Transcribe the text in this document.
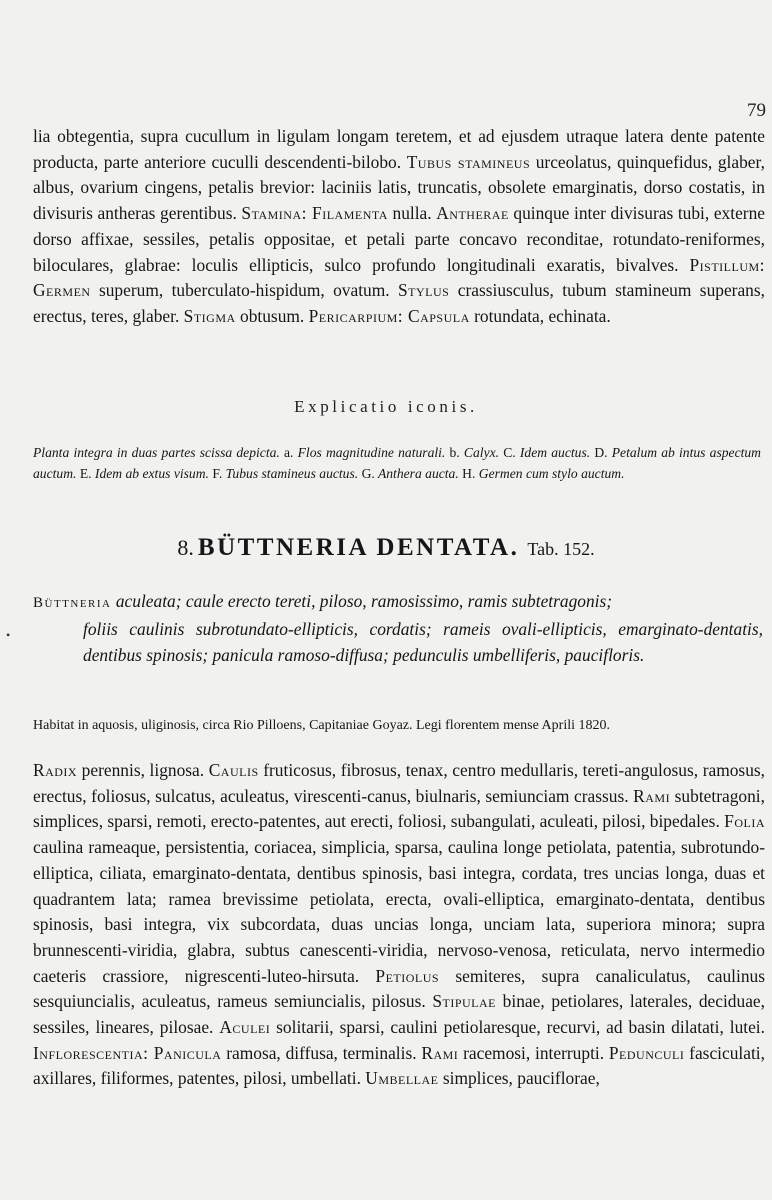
79

lia obtegentia, supra cucullum in ligulam longam teretem, et ad ejusdem utraque latera dente patente producta, parte anteriore cuculli descendenti-bilobo. Tubus stamineus urceolatus, quinquefidus, glaber, albus, ovarium cingens, petalis brevior: laciniis latis, truncatis, obsolete emarginatis, dorso costatis, in divisuris antheras gerentibus. Stamina: Filamenta nulla. Antherae quinque inter divisuras tubi, externe dorso affixae, sessiles, petalis oppositae, et petali parte concavo reconditae, rotundato-reniformes, biloculares, glabrae: loculis ellipticis, sulco profundo longitudinali exaratis, bivalves. Pistillum: Germen superum, tuberculato-hispidum, ovatum. Stylus crassiusculus, tubum stamineum superans, erectus, teres, glaber. Stigma obtusum. Pericarpium: Capsula rotundata, echinata.

Explicatio iconis.

Planta integra in duas partes scissa depicta. a. Flos magnitudine naturali. b. Calyx. C. Idem auctus. D. Petalum ab intus aspectum auctum. E. Idem ab extus visum. F. Tubus stamineus auctus. G. Anthera aucta. H. Germen cum stylo auctum.

8. BÜTTNERIA DENTATA. Tab. 152.
•

Büttneria aculeata; caule erecto tereti, piloso, ramosissimo, ramis subtetragonis;
foliis caulinis subrotundato-ellipticis, cordatis; rameis ovali-ellipticis, emarginato-dentatis, dentibus spinosis; panicula ramoso-diffusa; pedunculis umbelliferis, paucifloris.

Habitat in aquosis, uliginosis, circa Rio Pilloens, Capitaniae Goyaz. Legi florentem mense Aprili 1820.

Radix perennis, lignosa. Caulis fruticosus, fibrosus, tenax, centro medullaris, tereti-angulosus, ramosus, erectus, foliosus, sulcatus, aculeatus, virescenti-canus, biulnaris, semiunciam crassus. Rami subtetragoni, simplices, sparsi, remoti, erecto-patentes, aut erecti, foliosi, subangulati, aculeati, pilosi, bipedales. Folia caulina rameaque, persistentia, coriacea, simplicia, sparsa, caulina longe petiolata, patentia, subrotundo-elliptica, ciliata, emarginato-dentata, dentibus spinosis, basi integra, cordata, tres uncias longa, duas et quadrantem lata; ramea brevissime petiolata, erecta, ovali-elliptica, emarginato-dentata, dentibus spinosis, basi integra, vix subcordata, duas uncias longa, unciam lata, superiora minora; supra brunnescenti-viridia, glabra, subtus canescenti-viridia, nervoso-venosa, reticulata, nervo intermedio caeteris crassiore, nigrescenti-luteo-hirsuta. Petiolus semiteres, supra canaliculatus, caulinus sesquiuncialis, aculeatus, rameus semiuncialis, pilosus. Stipulae binae, petiolares, laterales, deciduae, sessiles, lineares, pilosae. Aculei solitarii, sparsi, caulini petiolaresque, recurvi, ad basin dilatati, lutei. Inflorescentia: Panicula ramosa, diffusa, terminalis. Rami racemosi, interrupti. Pedunculi fasciculati, axillares, filiformes, patentes, pilosi, umbellati. Umbellae simplices, pauciflorae,
